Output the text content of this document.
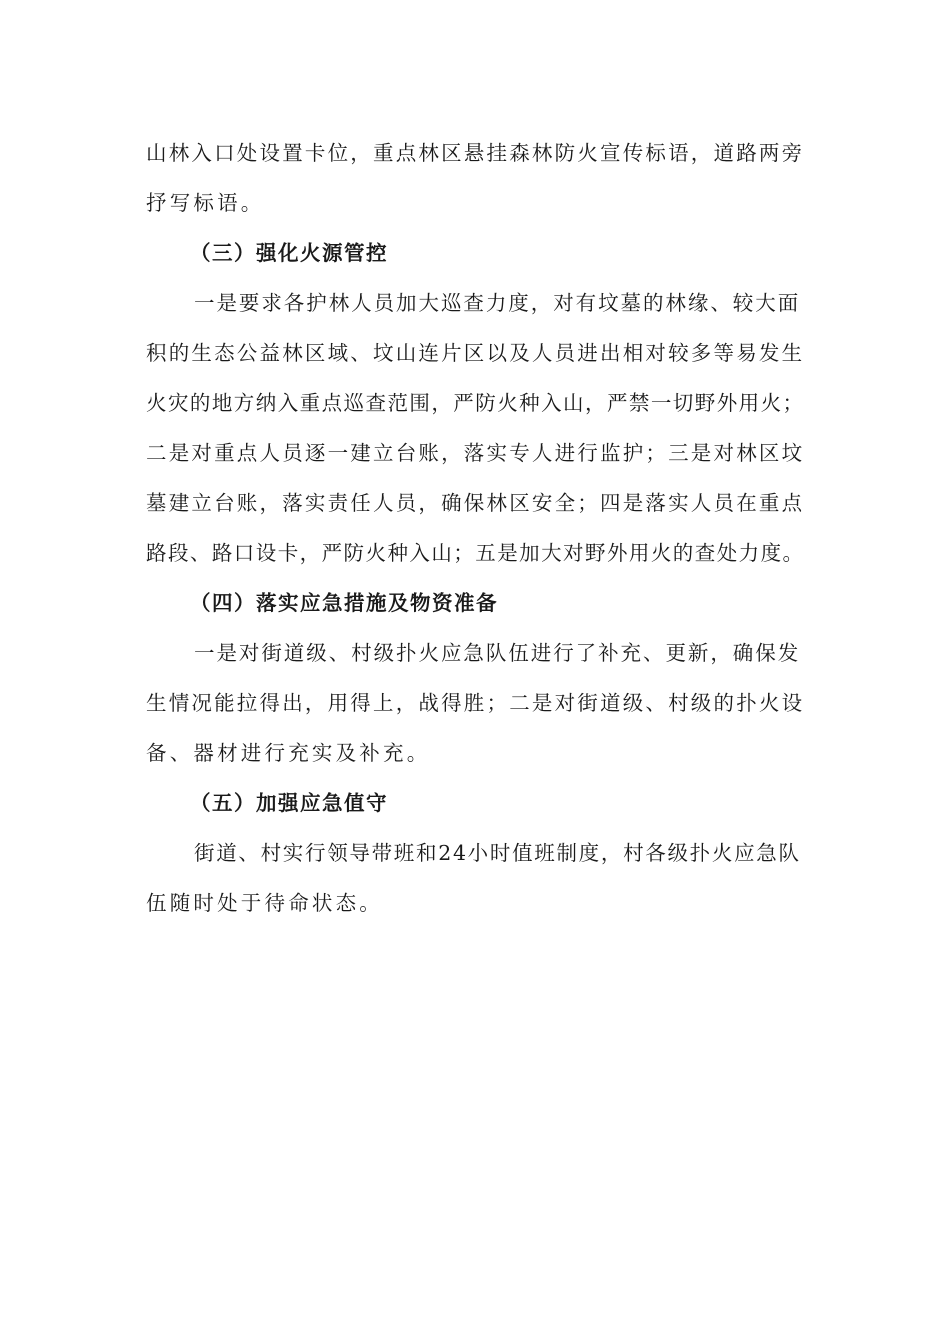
山林入口处设置卡位，重点林区悬挂森林防火宣传标语，道路两旁
抒写标语。
（三）强化火源管控
一是要求各护林人员加大巡查力度，对有坟墓的林缘、较大面
积的生态公益林区域、坟山连片区以及人员进出相对较多等易发生
火灾的地方纳入重点巡查范围，严防火种入山，严禁一切野外用火；
二是对重点人员逐一建立台账，落实专人进行监护；三是对林区坟
墓建立台账，落实责任人员，确保林区安全；四是落实人员在重点
路段、路口设卡，严防火种入山；五是加大对野外用火的查处力度。
（四）落实应急措施及物资准备
一是对街道级、村级扑火应急队伍进行了补充、更新，确保发
生情况能拉得出，用得上，战得胜；二是对街道级、村级的扑火设
备、器材进行充实及补充。
（五）加强应急值守
街道、村实行领导带班和24小时值班制度，村各级扑火应急队
伍随时处于待命状态。
